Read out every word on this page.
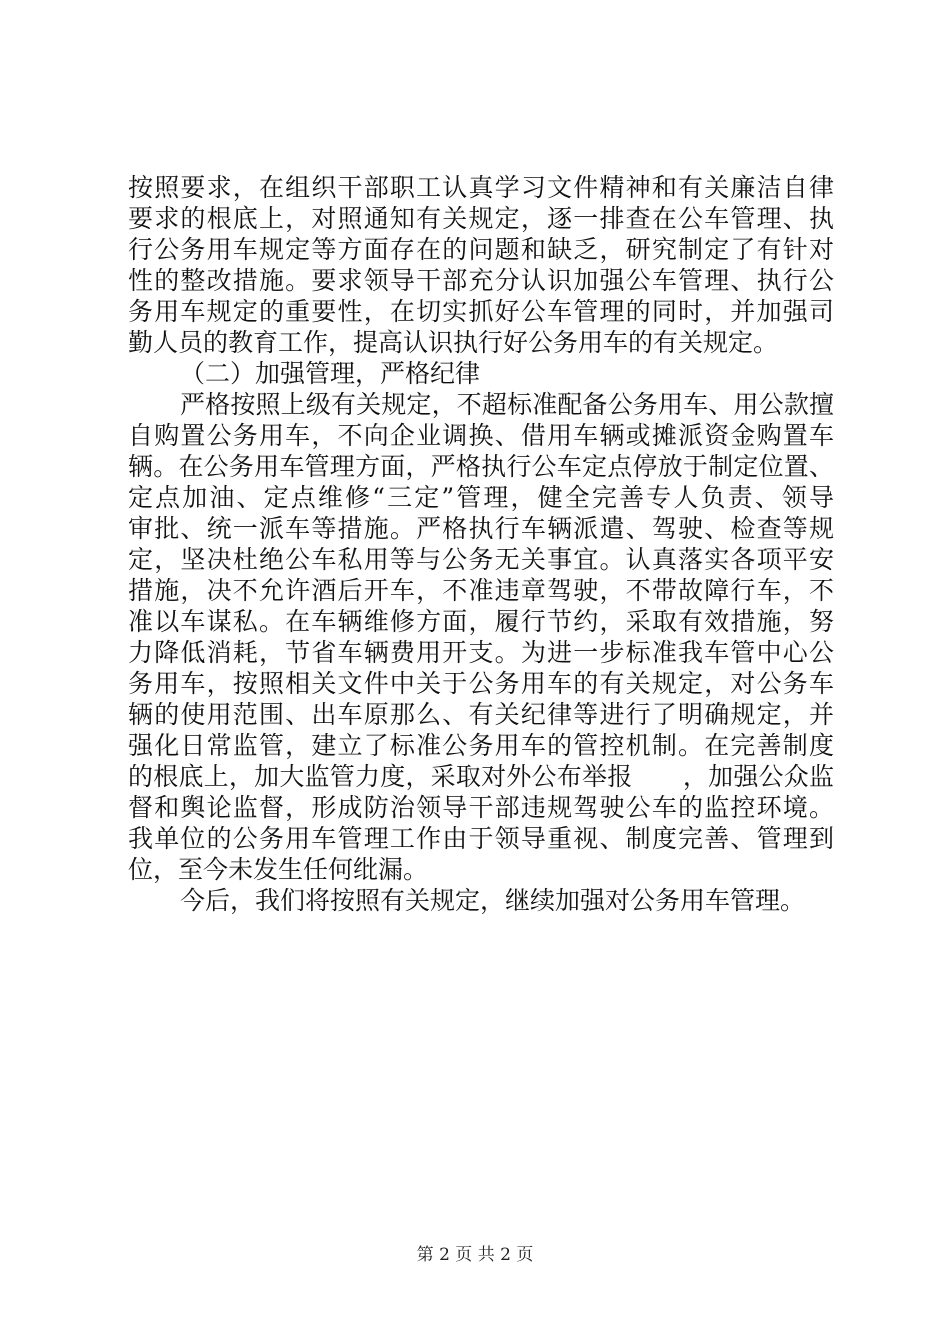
按照要求，在组织干部职工认真学习文件精神和有关廉洁自律
要求的根底上，对照通知有关规定，逐一排查在公车管理、执
行公务用车规定等方面存在的问题和缺乏，研究制定了有针对
性的整改措施。要求领导干部充分认识加强公车管理、执行公
务用车规定的重要性，在切实抓好公车管理的同时，并加强司
勤人员的教育工作，提高认识执行好公务用车的有关规定。
（二）加强管理，严格纪律
严格按照上级有关规定，不超标准配备公务用车、用公款擅
自购置公务用车，不向企业调换、借用车辆或摊派资金购置车
辆。在公务用车管理方面，严格执行公车定点停放于制定位置、
定点加油、定点维修“三定”管理，健全完善专人负责、领导
审批、统一派车等措施。严格执行车辆派遣、驾驶、检查等规
定，坚决杜绝公车私用等与公务无关事宜。认真落实各项平安
措施，决不允许酒后开车，不准违章驾驶，不带故障行车，不
准以车谋私。在车辆维修方面，履行节约，采取有效措施，努
力降低消耗，节省车辆费用开支。为进一步标准我车管中心公
务用车，按照相关文件中关于公务用车的有关规定，对公务车
辆的使用范围、出车原那么、有关纪律等进行了明确规定，并
强化日常监管，建立了标准公务用车的管控机制。在完善制度
的根底上，加大监管力度，采取对外公布举报　　，加强公众监
督和舆论监督，形成防治领导干部违规驾驶公车的监控环境。
我单位的公务用车管理工作由于领导重视、制度完善、管理到
位，至今未发生任何纰漏。
今后，我们将按照有关规定，继续加强对公务用车管理。
第 2 页 共 2 页
